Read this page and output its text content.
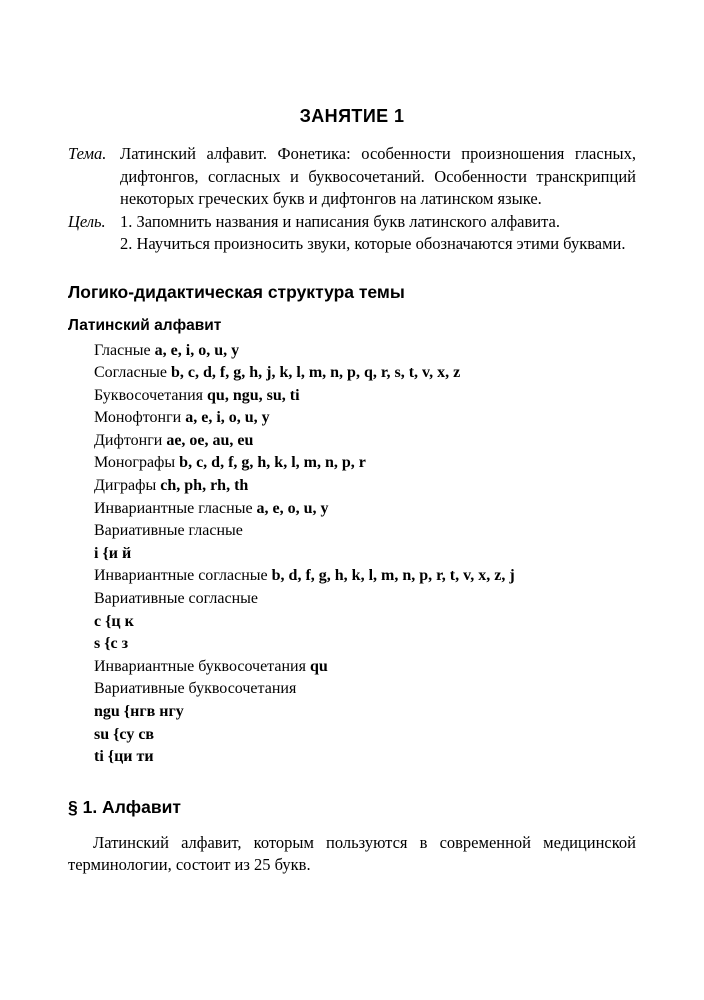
ЗАНЯТИЕ 1
Тема. Латинский алфавит. Фонетика: особенности произношения гласных, дифтонгов, согласных и буквосочетаний. Особенности транскрипций некоторых греческих букв и дифтонгов на латинском языке.

Цель. 1. Запомнить названия и написания букв латинского алфавита.
2. Научиться произносить звуки, которые обозначаются этими буквами.
Логико-дидактическая структура темы
Латинский алфавит
Гласные a, e, i, o, u, y
Согласные b, c, d, f, g, h, j, k, l, m, n, p, q, r, s, t, v, x, z
Буквосочетания qu, ngu, su, ti
Монофтонги a, e, i, o, u, y
Дифтонги ae, oe, au, eu
Монографы b, c, d, f, g, h, k, l, m, n, p, r
Диграфы ch, ph, rh, th
Инвариантные гласные a, e, o, u, y
Вариативные гласные
i {и й
Инвариантные согласные b, d, f, g, h, k, l, m, n, p, r, t, v, x, z, j
Вариативные согласные
c {ц к
s {с з
Инвариантные буквосочетания qu
Вариативные буквосочетания
ngu {нгв нгу
su {су св
ti {ци ти
§ 1. Алфавит

Латинский алфавит, которым пользуются в современной медицинской терминологии, состоит из 25 букв.
